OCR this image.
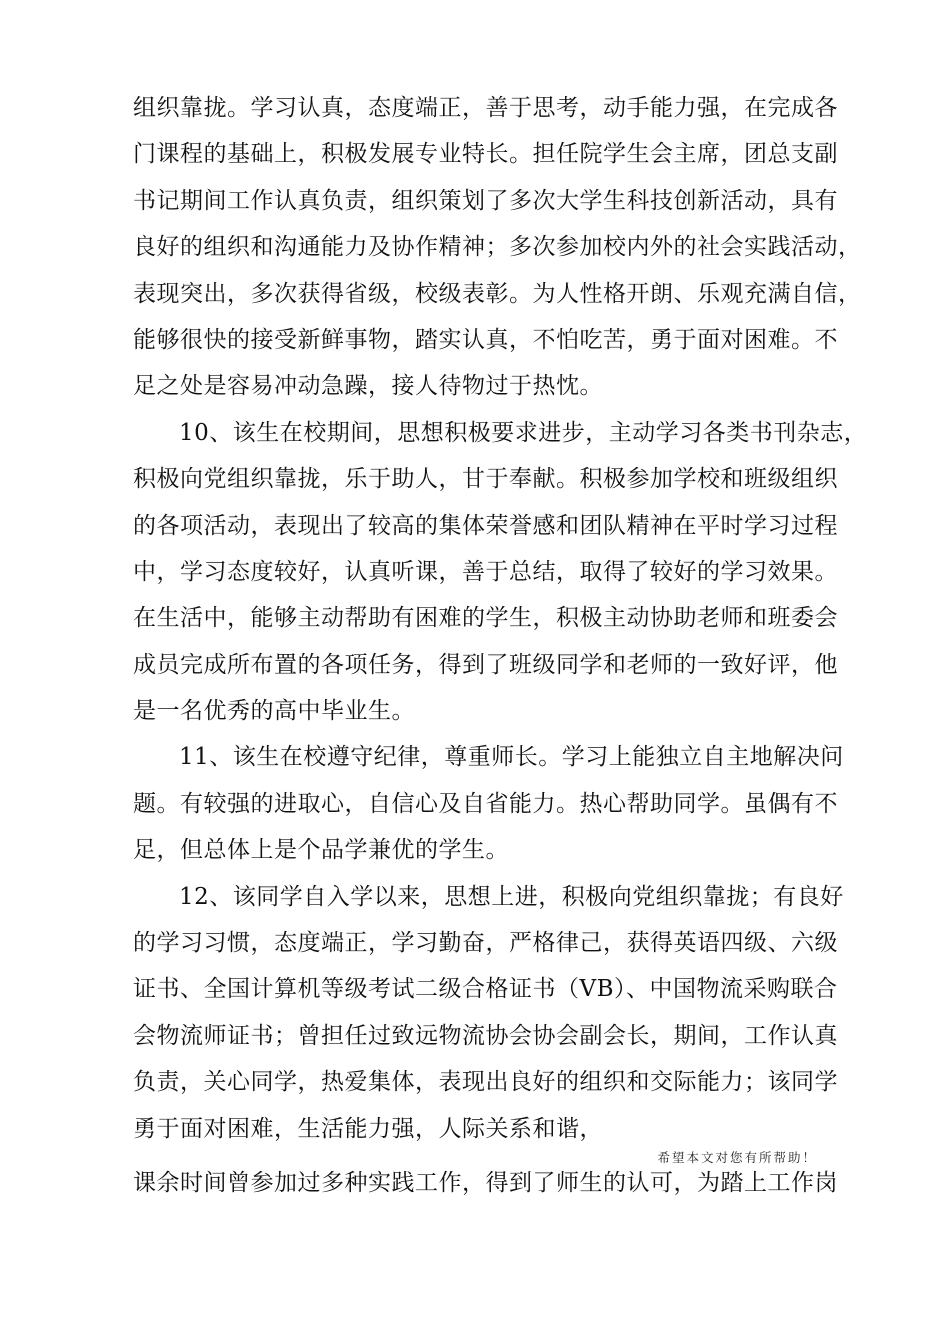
组织靠拢。学习认真，态度端正，善于思考，动手能力强，在完成各
门课程的基础上，积极发展专业特长。担任院学生会主席，团总支副
书记期间工作认真负责，组织策划了多次大学生科技创新活动，具有
良好的组织和沟通能力及协作精神；多次参加校内外的社会实践活动，
表现突出，多次获得省级，校级表彰。为人性格开朗、乐观充满自信，
能够很快的接受新鲜事物，踏实认真，不怕吃苦，勇于面对困难。不
足之处是容易冲动急躁，接人待物过于热忱。
10、该生在校期间，思想积极要求进步，主动学习各类书刊杂志，
积极向党组织靠拢，乐于助人，甘于奉献。积极参加学校和班级组织
的各项活动，表现出了较高的集体荣誉感和团队精神在平时学习过程
中，学习态度较好，认真听课，善于总结，取得了较好的学习效果。
在生活中，能够主动帮助有困难的学生，积极主动协助老师和班委会
成员完成所布置的各项任务，得到了班级同学和老师的一致好评，他
是一名优秀的高中毕业生。
11、该生在校遵守纪律，尊重师长。学习上能独立自主地解决问
题。有较强的进取心，自信心及自省能力。热心帮助同学。虽偶有不
足，但总体上是个品学兼优的学生。
12、该同学自入学以来，思想上进，积极向党组织靠拢；有良好
的学习习惯，态度端正，学习勤奋，严格律己，获得英语四级、六级
证书、全国计算机等级考试二级合格证书（VB）、中国物流采购联合
会物流师证书；曾担任过致远物流协会协会副会长，期间，工作认真
负责，关心同学，热爱集体，表现出良好的组织和交际能力；该同学
勇于面对困难，生活能力强，人际关系和谐，
希望本文对您有所帮助！
课余时间曾参加过多种实践工作，得到了师生的认可，为踏上工作岗
